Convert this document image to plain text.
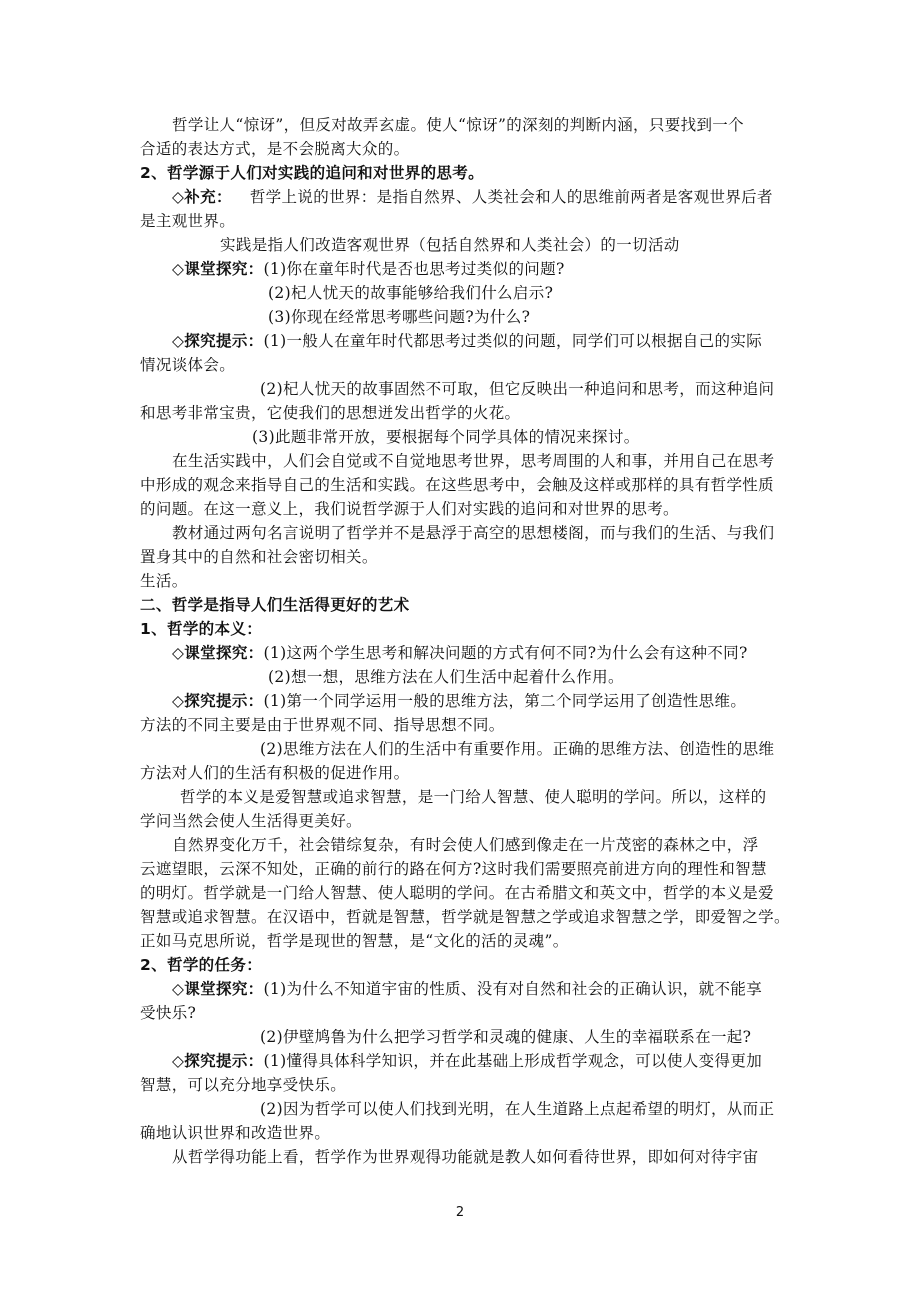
哲学让人“惊讶”，但反对故弄玄虚。使人“惊讶”的深刻的判断内涵，只要找到一个
合适的表达方式，是不会脱离大众的。
2、哲学源于人们对实践的追问和对世界的思考。
◇补充： 哲学上说的世界：是指自然界、人类社会和人的思维前两者是客观世界后者
是主观世界。
实践是指人们改造客观世界（包括自然界和人类社会）的一切活动
◇课堂探究：(1)你在童年时代是否也思考过类似的问题?
(2)杞人忧天的故事能够给我们什么启示?
(3)你现在经常思考哪些问题?为什么?
◇探究提示：(1)一般人在童年时代都思考过类似的问题，同学们可以根据自己的实际
情况谈体会。
(2)杞人忧天的故事固然不可取，但它反映出一种追问和思考，而这种追问
和思考非常宝贵，它使我们的思想迸发出哲学的火花。
(3)此题非常开放，要根据每个同学具体的情况来探讨。
在生活实践中，人们会自觉或不自觉地思考世界，思考周围的人和事，并用自己在思考
中形成的观念来指导自己的生活和实践。在这些思考中，会触及这样或那样的具有哲学性质
的问题。在这一意义上，我们说哲学源于人们对实践的追问和对世界的思考。
教材通过两句名言说明了哲学并不是悬浮于高空的思想楼阁，而与我们的生活、与我们
置身其中的自然和社会密切相关。
生活。
二、哲学是指导人们生活得更好的艺术
1、哲学的本义：
◇课堂探究：(1)这两个学生思考和解决问题的方式有何不同?为什么会有这种不同?
(2)想一想，思维方法在人们生活中起着什么作用。
◇探究提示：(1)第一个同学运用一般的思维方法，第二个同学运用了创造性思维。
方法的不同主要是由于世界观不同、指导思想不同。
(2)思维方法在人们的生活中有重要作用。正确的思维方法、创造性的思维
方法对人们的生活有积极的促进作用。
哲学的本义是爱智慧或追求智慧，是一门给人智慧、使人聪明的学问。所以，这样的
学问当然会使人生活得更美好。
自然界变化万千，社会错综复杂，有时会使人们感到像走在一片茂密的森林之中，浮
云遮望眼，云深不知处，正确的前行的路在何方?这时我们需要照亮前进方向的理性和智慧
的明灯。哲学就是一门给人智慧、使人聪明的学问。在古希腊文和英文中，哲学的本义是爱
智慧或追求智慧。在汉语中，哲就是智慧，哲学就是智慧之学或追求智慧之学，即爱智之学。
正如马克思所说，哲学是现世的智慧，是“文化的活的灵魂”。
2、哲学的任务：
◇课堂探究：(1)为什么不知道宇宙的性质、没有对自然和社会的正确认识，就不能享
受快乐?
(2)伊壁鸠鲁为什么把学习哲学和灵魂的健康、人生的幸福联系在一起?
◇探究提示：(1)懂得具体科学知识，并在此基础上形成哲学观念，可以使人变得更加
智慧，可以充分地享受快乐。
(2)因为哲学可以使人们找到光明，在人生道路上点起希望的明灯，从而正
确地认识世界和改造世界。
从哲学得功能上看，哲学作为世界观得功能就是教人如何看待世界，即如何对待宇宙
2
